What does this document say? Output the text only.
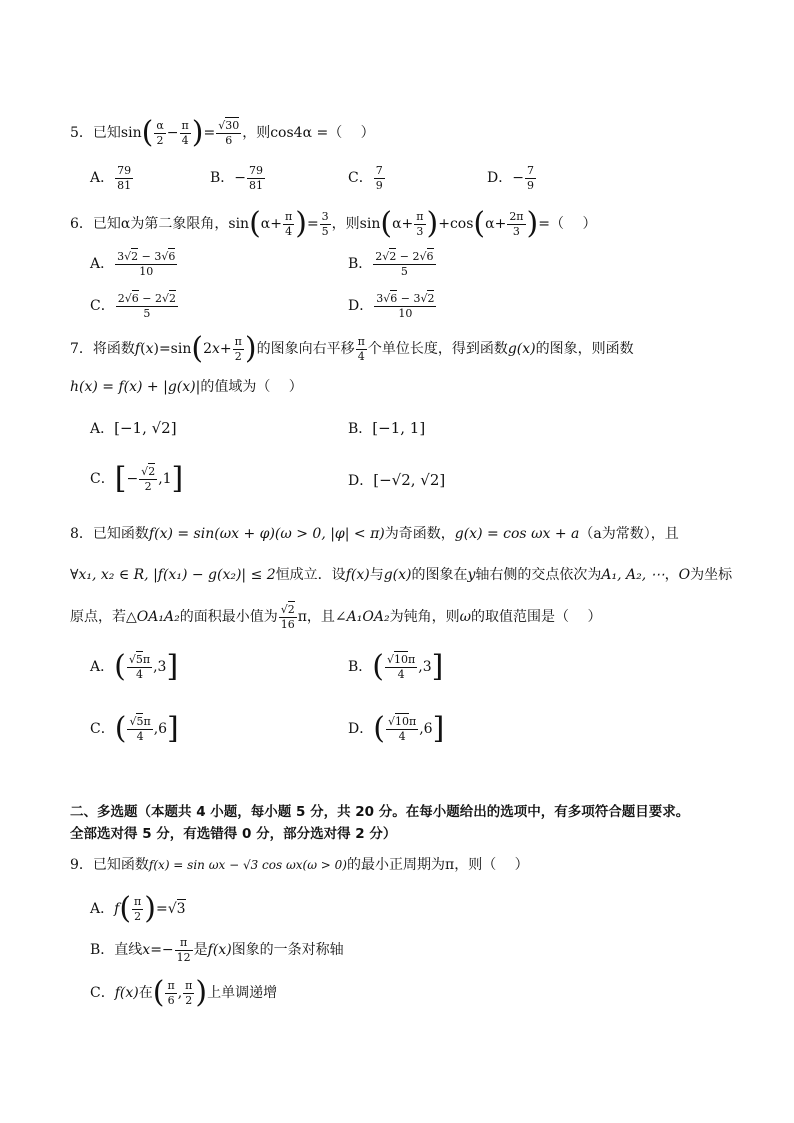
5．已知$\sin( \frac{\alpha}{2} - \frac{\pi}{4}$ )= $\frac{√30}{6}$ ，则cos4α =（　 ）
A． $\frac{79}{81}$	B．− $\frac{79}{81}$	C． $\frac{7}{9}$	D．− $\frac{7}{9}$
6．已知α为第二象限角，$\sin(\alpha+ \frac{\pi}{4}$ )= $\frac{3}{5}$ ，则$\sin(\alpha+ \frac{\pi}{3} )+\cos(\alpha+ \frac{2\pi}{3}$ )=（　 ）
A． $\frac{3√2 - 3√6}{10}$	B． $\frac{2√2 - 2√6}{5}$
C． $\frac{2√6 - 2√2}{5}$	D． $\frac{3√6 - 3√2}{10}$
7．将函数$f(x)=\sin(2x+ \frac{\pi}{2}$ )的图象向右平移 $\frac{\pi}{4}$ 个单位长度，得到函数g(x)的图象，则函数
h(x) = f(x) + |g(x)|的值域为（　 ）
A．[−1, √2]	B．[−1, 1]
C．[− $\frac{√2}{2} ,1$]	D．[−√2, √2]
8．已知函数f(x) = sin(ωx + φ)(ω > 0, |φ| < π)为奇函数，g(x) = cos ωx + a（a为常数），且
∀x₁, x₂ ∈ R, |f(x₁) − g(x₂)| ≤ 2恒成立．设f(x)与g(x)的图象在y轴右侧的交点依次为A₁, A₂, ⋯，O为坐标
原点，若△OA₁A₂的面积最小值为 $\frac{√2}{16}$ π，且∠A₁OA₂为钝角，则ω的取值范围是（　 ）
A．( $\frac{√5\pi}{4} ,3$]	B．( $\frac{√10\pi}{4} ,3$]
C．( $\frac{√5\pi}{4} ,6$]	D．( $\frac{√10\pi}{4} ,6$]
二、多选题（本题共 4 小题，每小题 5 分，共 20 分。在每小题给出的选项中，有多项符合题目要求。
全部选对得 5 分，有选错得 0 分，部分选对得 2 分）
9．已知函数f(x) = sin ωx − √3 cos ωx(ω > 0)的最小正周期为π，则（　 ）
A．$f( \frac{\pi}{2} )=√3$
B．直线$x=- \frac{\pi}{12}$ 是f(x)图象的一条对称轴
C．f(x)在( $\frac{\pi}{6}$ , $\frac{\pi}{2}$ )上单调递增
